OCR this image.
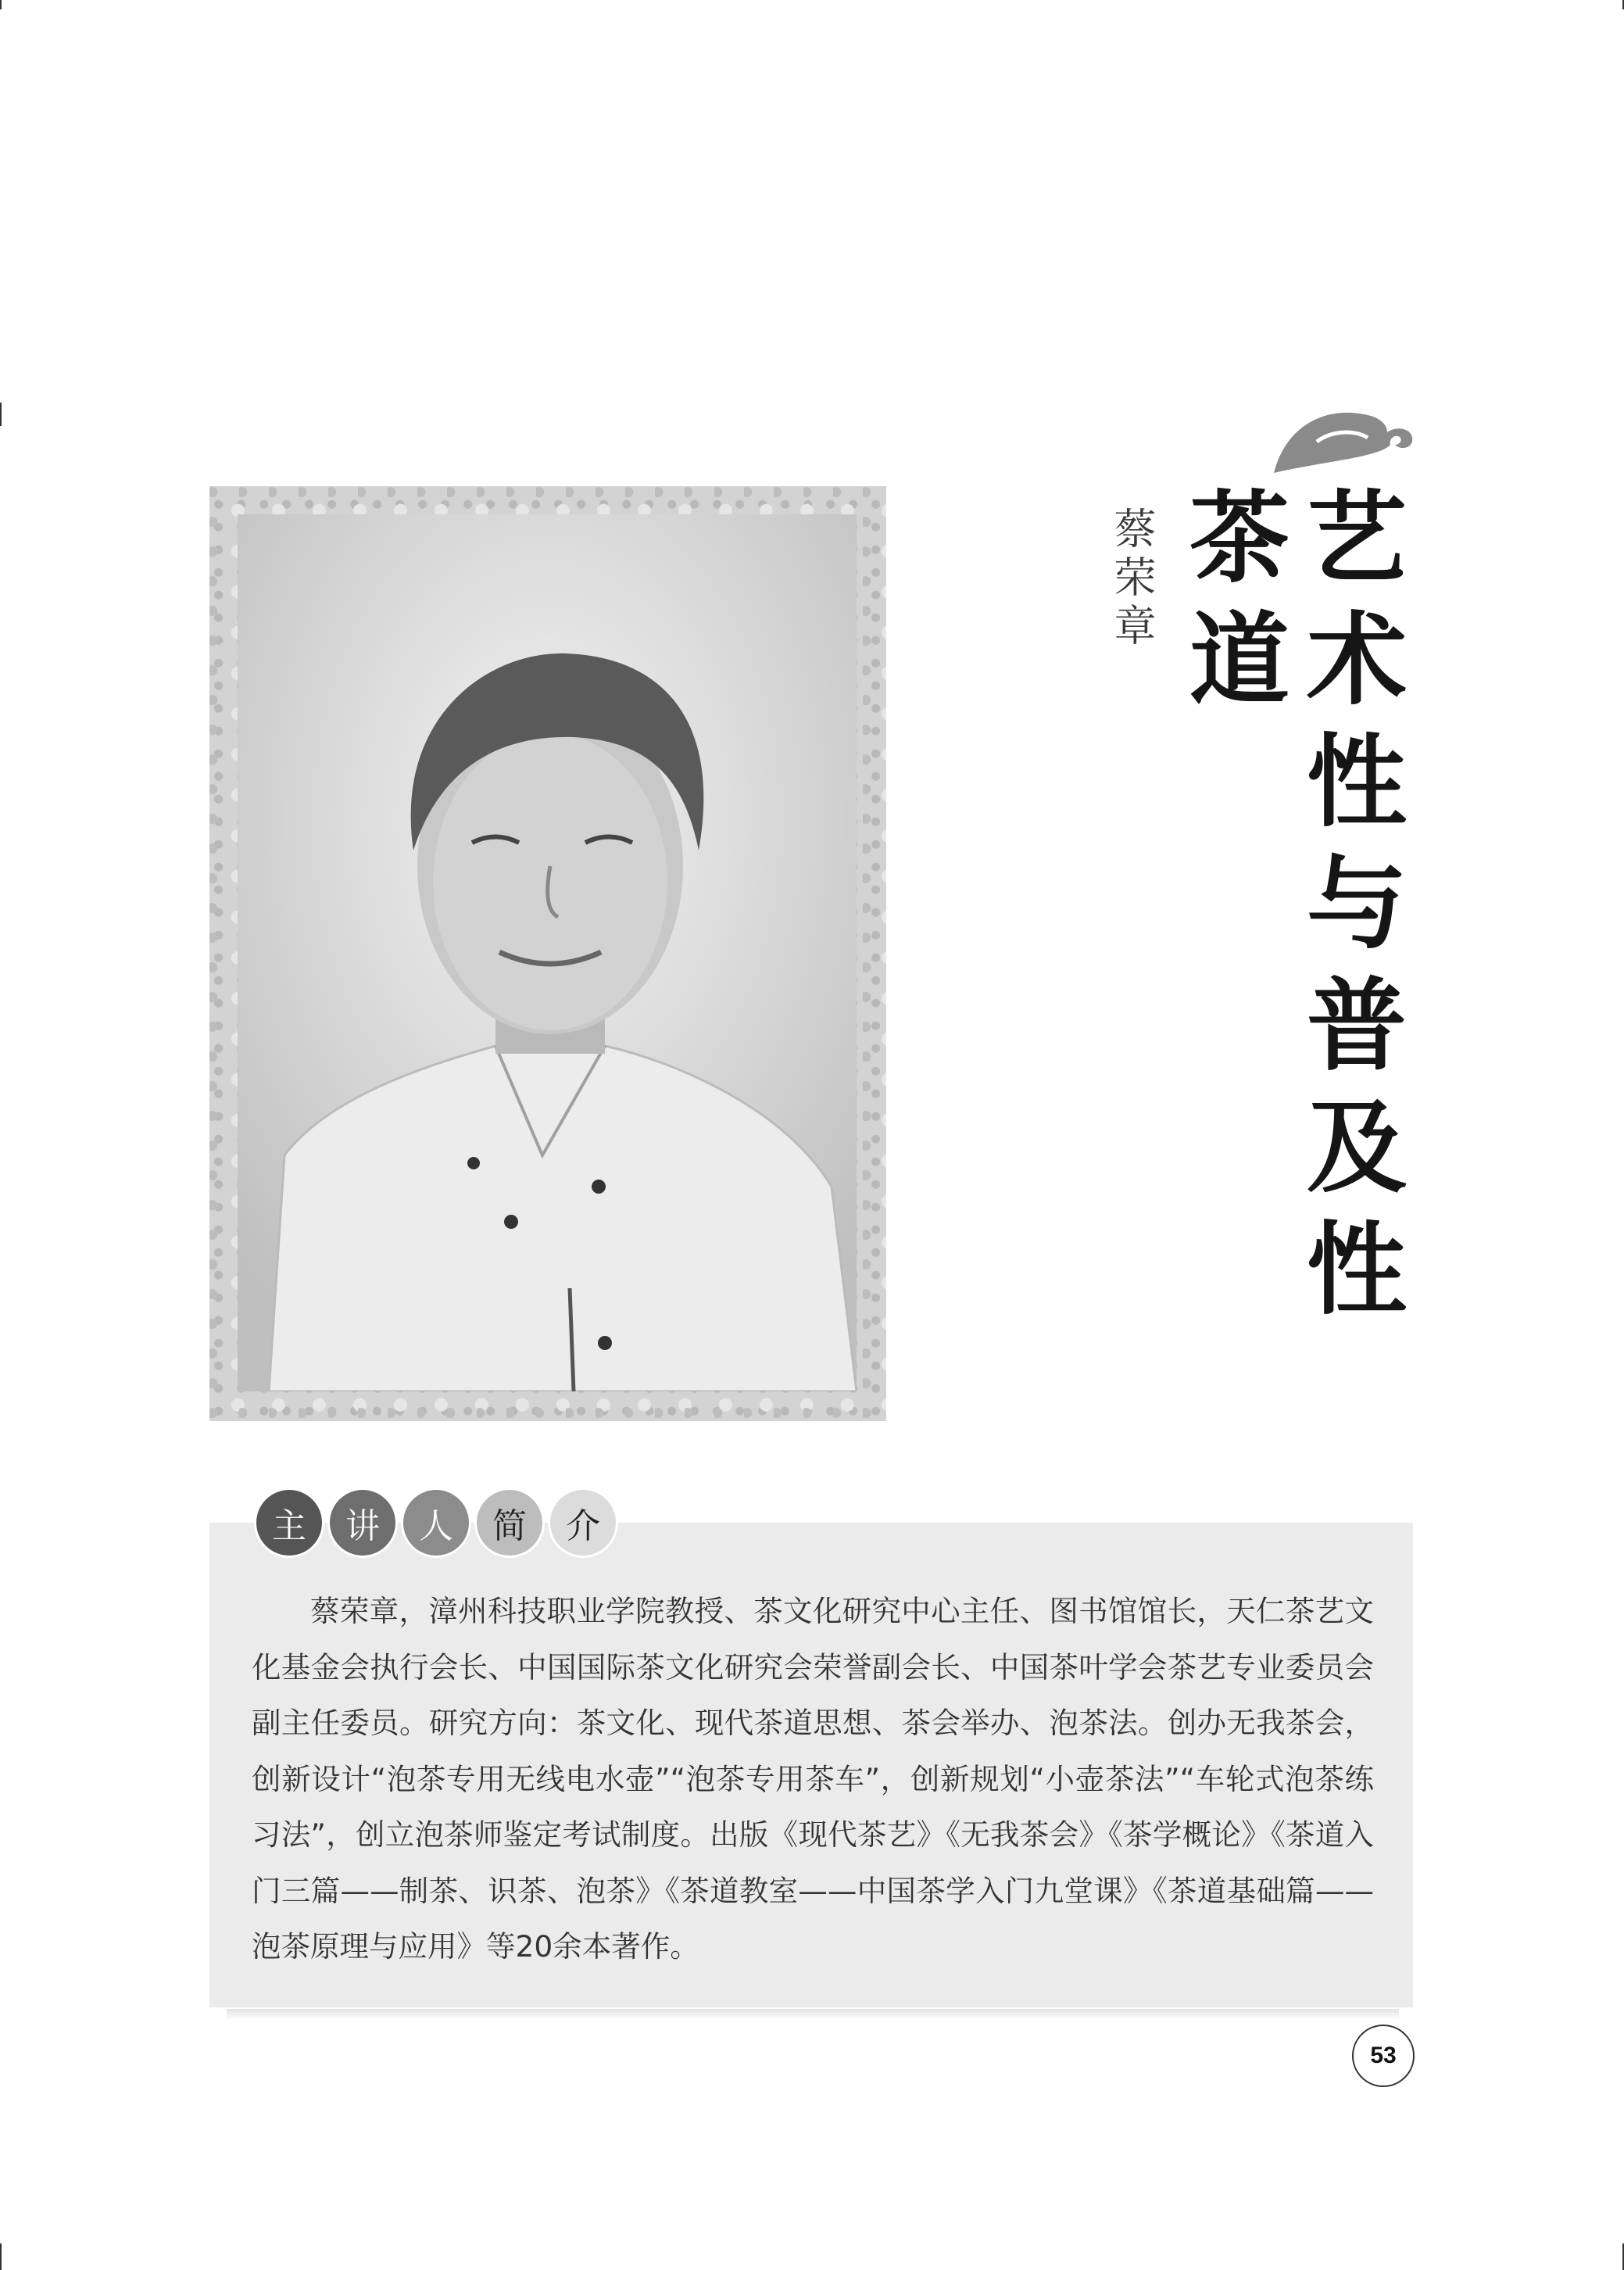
艺术性与普及性
茶道
蔡荣章
主	讲	人	简	介
蔡荣章，漳州科技职业学院教授、茶文化研究中心主任、图书馆馆长，天仁茶艺文化基金会执行会长、中国国际茶文化研究会荣誉副会长、中国茶叶学会茶艺专业委员会副主任委员。研究方向：茶文化、现代茶道思想、茶会举办、泡茶法。创办无我茶会，创新设计“泡茶专用无线电水壶”“泡茶专用茶车”，创新规划“小壶茶法”“车轮式泡茶练习法”，创立泡茶师鉴定考试制度。出版《现代茶艺》《无我茶会》《茶学概论》《茶道入门三篇——制茶、识茶、泡茶》《茶道教室——中国茶学入门九堂课》《茶道基础篇——泡茶原理与应用》等20余本著作。
53
